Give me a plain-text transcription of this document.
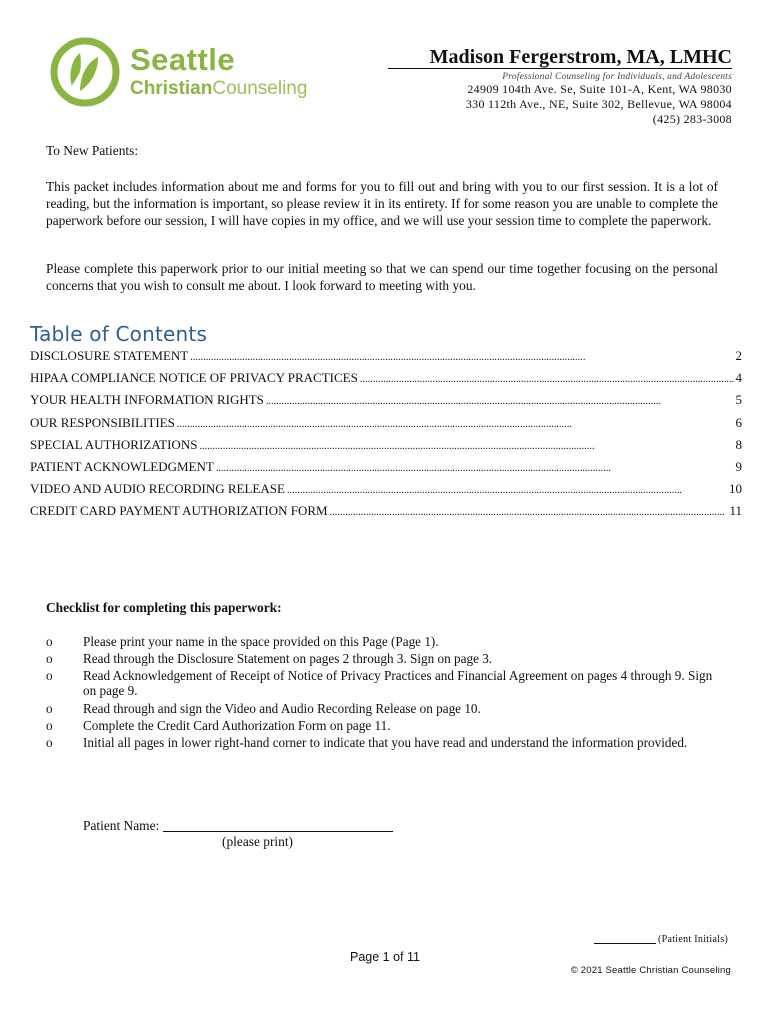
Seattle
ChristianCounseling
Madison Fergerstrom, MA, LMHC
Professional Counseling for Individuals, and Adolescents
24909 104th Ave. Se, Suite 101-A, Kent, WA 98030
330 112th Ave., NE, Suite 302, Bellevue, WA 98004
(425) 283-3008
To New Patients:
This packet includes information about me and forms for you to fill out and bring with you to our first session. It is a lot of reading, but the information is important, so please review it in its entirety. If for some reason you are unable to complete the paperwork before our session, I will have copies in my office, and we will use your session time to complete the paperwork.
Please complete this paperwork prior to our initial meeting so that we can spend our time together focusing on the personal concerns that you wish to consult me about. I look forward to meeting with you.
Table of Contents
DISCLOSURE STATEMENT . . .	2
HIPAA COMPLIANCE NOTICE OF PRIVACY PRACTICES . . .	4
YOUR HEALTH INFORMATION RIGHTS . . .	5
OUR RESPONSIBILITIES . . .	6
SPECIAL AUTHORIZATIONS . . .	8
PATIENT ACKNOWLEDGMENT . . .	9
VIDEO AND AUDIO RECORDING RELEASE . . .	10
CREDIT CARD PAYMENT AUTHORIZATION FORM . . .	11
Checklist for completing this paperwork:
o	Please print your name in the space provided on this Page (Page 1).
o	Read through the Disclosure Statement on pages 2 through 3. Sign on page 3.
o	Read Acknowledgement of Receipt of Notice of Privacy Practices and Financial Agreement on pages 4 through 9. Sign on page 9.
o	Read through and sign the Video and Audio Recording Release on page 10.
o	Complete the Credit Card Authorization Form on page 11.
o	Initial all pages in lower right-hand corner to indicate that you have read and understand the information provided.
Patient Name:
(please print)
(Patient Initials)
Page 1 of 11
© 2021 Seattle Christian Counseling
